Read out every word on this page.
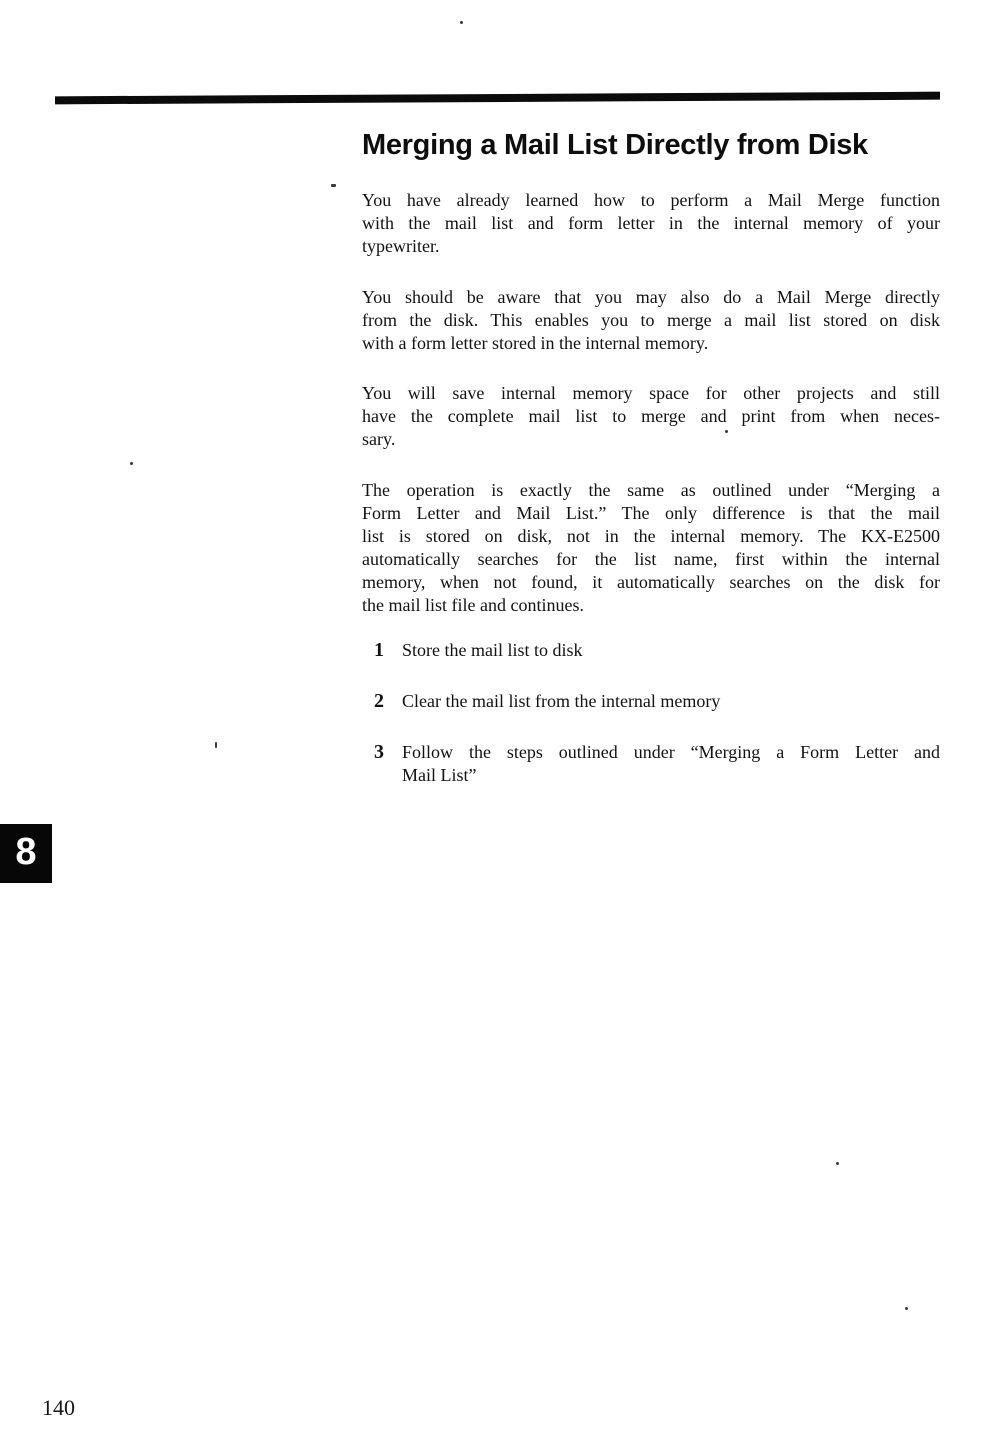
Merging a Mail List Directly from Disk
You have already learned how to perform a Mail Merge function
with the mail list and form letter in the internal memory of your
typewriter.
You should be aware that you may also do a Mail Merge directly
from the disk. This enables you to merge a mail list stored on disk
with a form letter stored in the internal memory.
You will save internal memory space for other projects and still
have the complete mail list to merge and print from when neces-
sary.
The operation is exactly the same as outlined under “Merging a
Form Letter and Mail List.” The only difference is that the mail
list is stored on disk, not in the internal memory. The KX-E2500
automatically searches for the list name, first within the internal
memory, when not found, it automatically searches on the disk for
the mail list file and continues.
1	Store the mail list to disk
2	Clear the mail list from the internal memory
3	Follow the steps outlined under “Merging a Form Letter and
Mail List”
8
140
